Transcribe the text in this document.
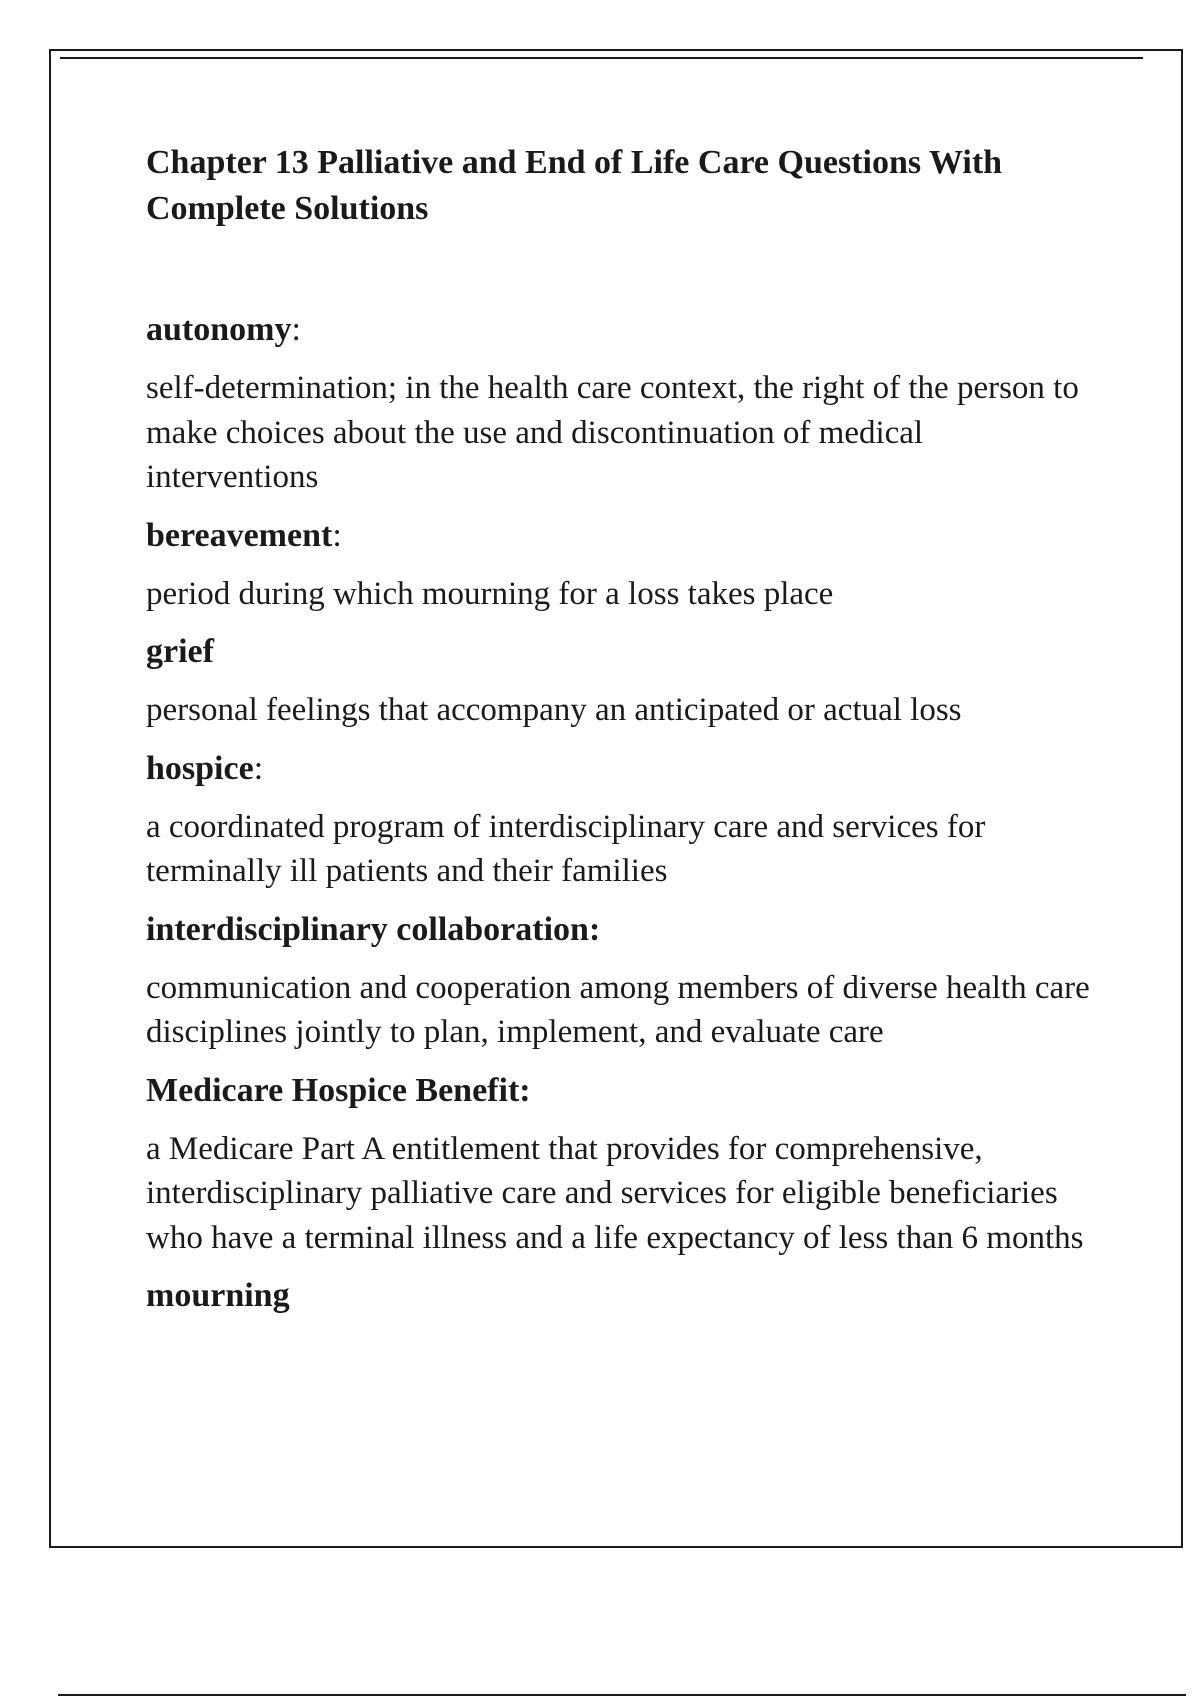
Chapter 13 Palliative and End of Life Care Questions With Complete Solutions

autonomy:

self-determination; in the health care context, the right of the person to make choices about the use and discontinuation of medical interventions

bereavement:

period during which mourning for a loss takes place

grief

personal feelings that accompany an anticipated or actual loss

hospice:

a coordinated program of interdisciplinary care and services for terminally ill patients and their families

interdisciplinary collaboration:

communication and cooperation among members of diverse health care disciplines jointly to plan, implement, and evaluate care

Medicare Hospice Benefit:

a Medicare Part A entitlement that provides for comprehensive, interdisciplinary palliative care and services for eligible beneficiaries who have a terminal illness and a life expectancy of less than 6 months

mourning
